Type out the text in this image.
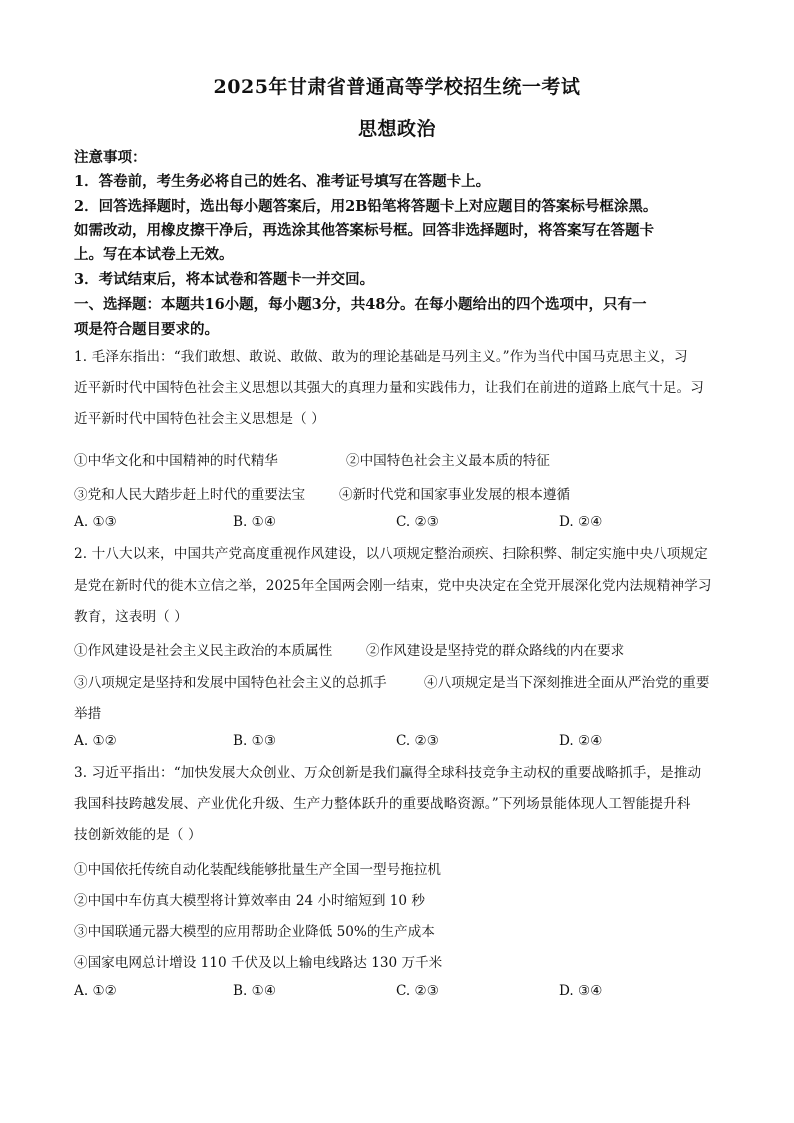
2025年甘肃省普通高等学校招生统一考试
思想政治
注意事项：
1．答卷前，考生务必将自己的姓名、准考证号填写在答题卡上。
2．回答选择题时，选出每小题答案后，用2B铅笔将答题卡上对应题目的答案标号框涂黑。
如需改动，用橡皮擦干净后，再选涂其他答案标号框。回答非选择题时，将答案写在答题卡
上。写在本试卷上无效。
3．考试结束后，将本试卷和答题卡一并交回。
一、选择题：本题共16小题，每小题3分，共48分。在每小题给出的四个选项中，只有一
项是符合题目要求的。
1. 毛泽东指出：“我们敢想、敢说、敢做、敢为的理论基础是马列主义。”作为当代中国马克思主义，习
近平新时代中国特色社会主义思想以其强大的真理力量和实践伟力，让我们在前进的道路上底气十足。习
近平新时代中国特色社会主义思想是（ ）
①中华文化和中国精神的时代精华	②中国特色社会主义最本质的特征
③党和人民大踏步赶上时代的重要法宝 ④新时代党和国家事业发展的根本遵循
A. ①③	B. ①④	C. ②③	D. ②④
2. 十八大以来，中国共产党高度重视作风建设，以八项规定整治顽疾、扫除积弊、制定实施中央八项规定
是党在新时代的徙木立信之举，2025年全国两会刚一结束，党中央决定在全党开展深化党内法规精神学习
教育，这表明（ ）
①作风建设是社会主义民主政治的本质属性 ②作风建设是坚持党的群众路线的内在要求
③八项规定是坚持和发展中国特色社会主义的总抓手	④八项规定是当下深刻推进全面从严治党的重要
举措
A. ①②	B. ①③	C. ②③	D. ②④
3. 习近平指出：“加快发展大众创业、万众创新是我们赢得全球科技竞争主动权的重要战略抓手，是推动
我国科技跨越发展、产业优化升级、生产力整体跃升的重要战略资源。”下列场景能体现人工智能提升科
技创新效能的是（ ）
①中国依托传统自动化装配线能够批量生产全国一型号拖拉机
②中国中车仿真大模型将计算效率由 24 小时缩短到 10 秒
③中国联通元器大模型的应用帮助企业降低 50%的生产成本
④国家电网总计增设 110 千伏及以上输电线路达 130 万千米
A. ①②	B. ①④	C. ②③	D. ③④
